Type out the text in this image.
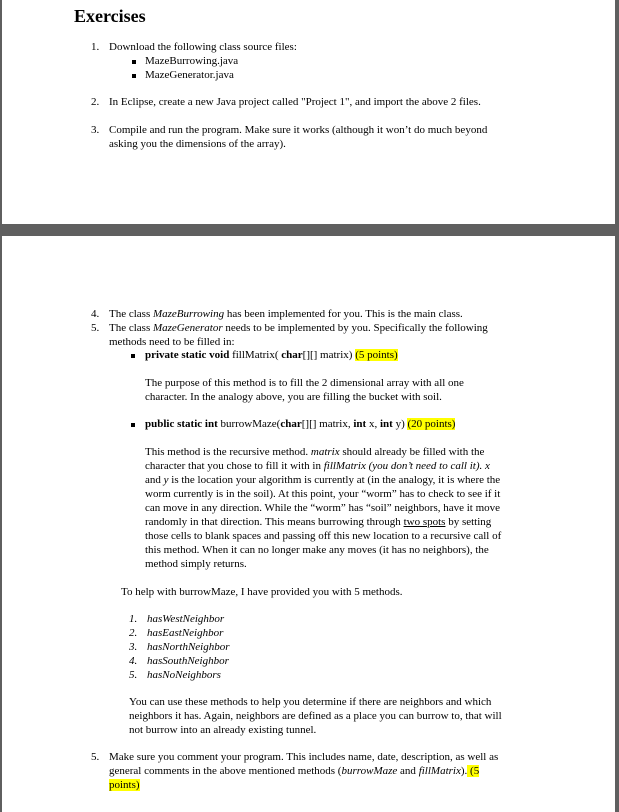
Exercises
1. Download the following class source files:
MazeBurrowing.java
MazeGenerator.java
2. In Eclipse, create a new Java project called "Project 1", and import the above 2 files.
3. Compile and run the program. Make sure it works (although it won’t do much beyond
asking you the dimensions of the array).
4. The class MazeBurrowing has been implemented for you. This is the main class.
5. The class MazeGenerator needs to be implemented by you. Specifically the following
methods need to be filled in:
private static void fillMatrix( char[][] matrix) (5 points)
The purpose of this method is to fill the 2 dimensional array with all one
character. In the analogy above, you are filling the bucket with soil.
public static int burrowMaze(char[][] matrix, int x, int y) (20 points)
This method is the recursive method. matrix should already be filled with the
character that you chose to fill it with in fillMatrix (you don’t need to call it). x
and y is the location your algorithm is currently at (in the analogy, it is where the
worm currently is in the soil). At this point, your “worm” has to check to see if it
can move in any direction. While the “worm” has “soil” neighbors, have it move
randomly in that direction. This means burrowing through two spots by setting
those cells to blank spaces and passing off this new location to a recursive call of
this method. When it can no longer make any moves (it has no neighbors), the
method simply returns.
To help with burrowMaze, I have provided you with 5 methods.
1. hasWestNeighbor
2. hasEastNeighbor
3. hasNorthNeighbor
4. hasSouthNeighbor
5. hasNoNeighbors
You can use these methods to help you determine if there are neighbors and which
neighbors it has. Again, neighbors are defined as a place you can burrow to, that will
not burrow into an already existing tunnel.
5. Make sure you comment your program. This includes name, date, description, as well as
general comments in the above mentioned methods (burrowMaze and fillMatrix). (5
points)
